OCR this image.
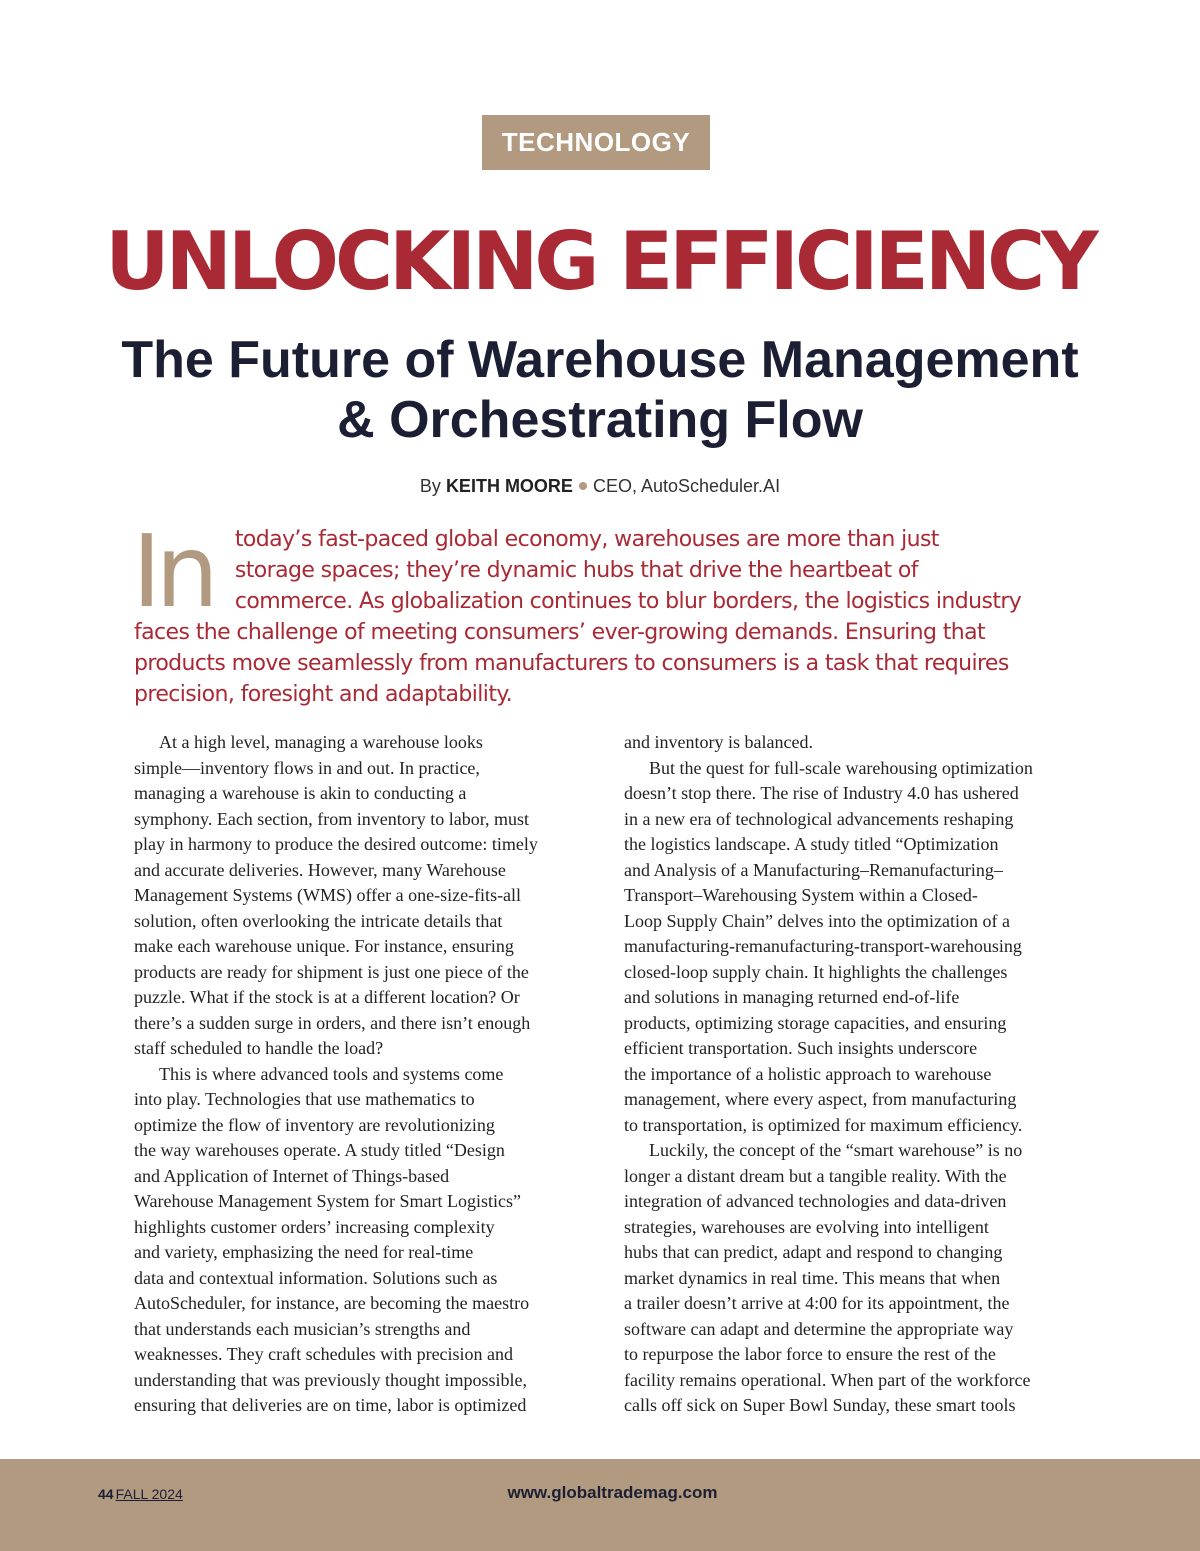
TECHNOLOGY
UNLOCKING EFFICIENCY
The Future of Warehouse Management
& Orchestrating Flow
By KEITH MOORE CEO, AutoScheduler.AI
In	today’s fast-paced global economy, warehouses are more than just
storage spaces; they’re dynamic hubs that drive the heartbeat of
commerce. As globalization continues to blur borders, the logistics industry
faces the challenge of meeting consumers’ ever-growing demands. Ensuring that
products move seamlessly from manufacturers to consumers is a task that requires
precision, foresight and adaptability.
At a high level, managing a warehouse looks
simple—inventory flows in and out. In practice,
managing a warehouse is akin to conducting a
symphony. Each section, from inventory to labor, must
play in harmony to produce the desired outcome: timely
and accurate deliveries. However, many Warehouse
Management Systems (WMS) offer a one-size-fits-all
solution, often overlooking the intricate details that
make each warehouse unique. For instance, ensuring
products are ready for shipment is just one piece of the
puzzle. What if the stock is at a different location? Or
there’s a sudden surge in orders, and there isn’t enough
staff scheduled to handle the load?
This is where advanced tools and systems come
into play. Technologies that use mathematics to
optimize the flow of inventory are revolutionizing
the way warehouses operate. A study titled “Design
and Application of Internet of Things-based
Warehouse Management System for Smart Logistics”
highlights customer orders’ increasing complexity
and variety, emphasizing the need for real-time
data and contextual information. Solutions such as
AutoScheduler, for instance, are becoming the maestro
that understands each musician’s strengths and
weaknesses. They craft schedules with precision and
understanding that was previously thought impossible,
ensuring that deliveries are on time, labor is optimized
and inventory is balanced.
But the quest for full-scale warehousing optimization
doesn’t stop there. The rise of Industry 4.0 has ushered
in a new era of technological advancements reshaping
the logistics landscape. A study titled “Optimization
and Analysis of a Manufacturing–Remanufacturing–
Transport–Warehousing System within a Closed-
Loop Supply Chain” delves into the optimization of a
manufacturing-remanufacturing-transport-warehousing
closed-loop supply chain. It highlights the challenges
and solutions in managing returned end-of-life
products, optimizing storage capacities, and ensuring
efficient transportation. Such insights underscore
the importance of a holistic approach to warehouse
management, where every aspect, from manufacturing
to transportation, is optimized for maximum efficiency.
Luckily, the concept of the “smart warehouse” is no
longer a distant dream but a tangible reality. With the
integration of advanced technologies and data-driven
strategies, warehouses are evolving into intelligent
hubs that can predict, adapt and respond to changing
market dynamics in real time. This means that when
a trailer doesn’t arrive at 4:00 for its appointment, the
software can adapt and determine the appropriate way
to repurpose the labor force to ensure the rest of the
facility remains operational. When part of the workforce
calls off sick on Super Bowl Sunday, these smart tools
44 FALL 2024	www.globaltrademag.com
